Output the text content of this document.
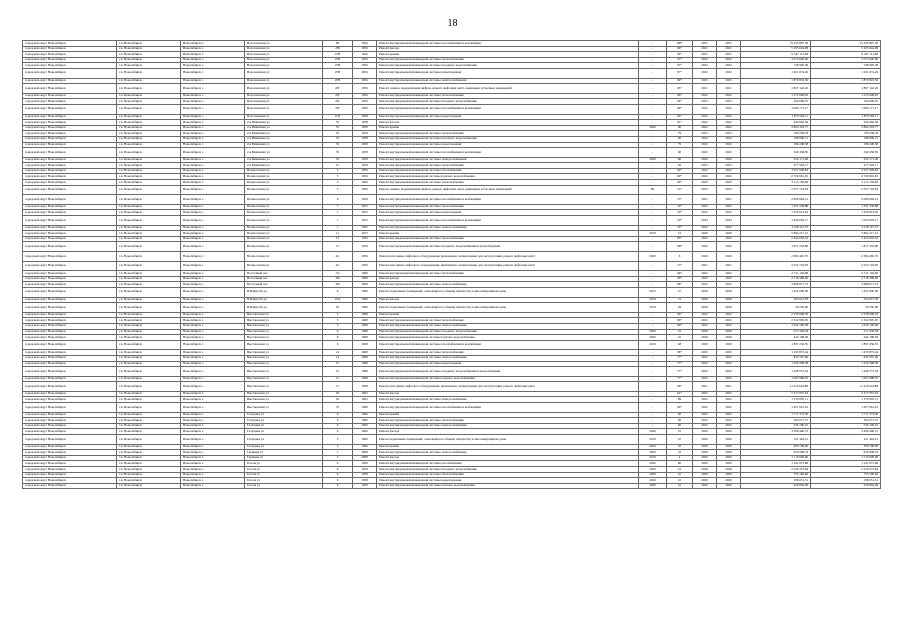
18
городской округ Новосибирск	г.п. Новосибирск	Новосибирск г.	Волочаевская ул	96	1956	Ремонт внутридомовой инженерной системы газоснабжения и вентиляции	-	160*	2021	2021	15 435 897,58	15 435 897,58
городской округ Новосибирск	г.п. Новосибирск	Новосибирск г.	Волочаевская ул	47Б	1950	Ремонт фасада	-	96*	2021	2021	5 105 044,08	5 105 044,08
городской округ Новосибирск	г.п. Новосибирск	Новосибирск г.	Волочаевская ул	47В	1956	Ремонт крыши	-	96*	2021	2021	6 347 111,98	6 347 111,98
городской округ Новосибирск	г.п. Новосибирск	Новосибирск г.	Волочаевская ул	47В	1956	Ремонт внутридомовой инженерной системы теплоснабжения	-	97*	2022	2022	3 573 640,66	3 573 640,66
городской округ Новосибирск	г.п. Новосибирск	Новосибирск г.	Волочаевская ул	47В	1956	Ремонт внутридомовой инженерной системы холодного водоснабжения	-	97*	2022	2022	748 995,38	748 995,38
городской округ Новосибирск	г.п. Новосибирск	Новосибирск г.	Волочаевская ул	47В	1956	Ремонт внутридомовой инженерной системы водоотведения	-	97*	2022	2022	1 201 674,26	1 201 674,26
городской округ Новосибирск	г.п. Новосибирск	Новосибирск г.	Волочаевская ул	47В	1956	Ремонт внутридомовой инженерной системы электроснабжения	-	99*	2023	2023	1 870 819,50	1 870 819,50
городской округ Новосибирск	г.п. Новосибирск	Новосибирск г.	Волочаевская ул	47Г	1956	Ремонт, замена, модернизация лифтов, ремонт лифтовых шахт, машинных и блочных помещений	-	95*	2021	2021	1 807 142,26	1 807 142,26
городской округ Новосибирск	г.п. Новосибирск	Новосибирск г.	Волочаевская ул	47Г	1956	Ремонт внутридомовой инженерной системы теплоснабжения	-	96*	2022	2022	1 315 608,93	1 315 608,93
городской округ Новосибирск	г.п. Новосибирск	Новосибирск г.	Волочаевская ул	47Г	1956	Ремонт внутридомовой инженерной системы холодного водоснабжения	-	96*	2022	2022	344 699,55	344 699,55
городской округ Новосибирск	г.п. Новосибирск	Новосибирск г.	Волочаевская ул	47Г	1956	Ремонт внутридомовой инженерной системы газоснабжения и вентиляции	-	99*	2022	2022	1 990 171,17	1 990 171,17
городской округ Новосибирск	г.п. Новосибирск	Новосибирск г.	Волочаевская ул	47Д	1958	Ремонт внутридомовой инженерной системы водоотведения	-	95*	2022	2022	1 879 565,11	1 879 565,11
городской округ Новосибирск	г.п. Новосибирск	Новосибирск г.	2-я Вишневая ул	55	1958	Ремонт фасада	-	91*	2022	2022	434 992,36	434 992,36
городской округ Новосибирск	г.п. Новосибирск	Новосибирск г.	2-я Вишневая ул	55	1958	Ремонт крыши	2020	60	2022	2022	2 864 318,77	2 864 318,77
городской округ Новосибирск	г.п. Новосибирск	Новосибирск г.	2-я Вишневая ул	55	1958	Ремонт внутридомовой инженерной системы теплоснабжения	-	79	2022	2022	708 258,78	708 258,78
городской округ Новосибирск	г.п. Новосибирск	Новосибирск г.	2-я Вишневая ул	55	1958	Ремонт внутридомовой инженерной системы холодного водоснабжения	-	60	2022	2022	198 696,71	198 696,71
городской округ Новосибирск	г.п. Новосибирск	Новосибирск г.	2-я Вишневая ул	55	1958	Ремонт внутридомовой инженерной системы водоотведения	-	79	2022	2022	186 248,38	186 248,38
городской округ Новосибирск	г.п. Новосибирск	Новосибирск г.	2-я Вишневая ул	55	1958	Ремонт внутридомовой инженерной системы газоснабжения и вентиляции	-	60	2022	2022	340 458,85	340 458,85
городской округ Новосибирск	г.п. Новосибирск	Новосибирск г.	2-я Вишневая ул	55	1958	Ремонт внутридомовой инженерной системы электроснабжения	2020	60	2020	2020	254 171,49	254 171,49
городской округ Новосибирск	г.п. Новосибирск	Новосибирск г.	2-я Вишневая ул	27	1958	Ремонт внутридомовой инженерной системы теплоснабжения	-	65	2022	2022	277 592,17	277 592,17
городской округ Новосибирск	г.п. Новосибирск	Новосибирск г.	Вознесенская ул	3	1956	Ремонт внутридомовой инженерной системы газоснабжения	-	60*	2022	2022	3 911 900,84	3 911 900,84
городской округ Новосибирск	г.п. Новосибирск	Новосибирск г.	Вознесенская ул	3	1956	Ремонт внутридомовой инженерной системы горячего водоснабжения	-	60*	2022	2022	6 769 991,65	6 769 991,65
городской округ Новосибирск	г.п. Новосибирск	Новосибирск г.	Вознесенская ул	3	1956	Ремонт внутридомовой инженерной системы теплоснабжения	-	60*	2022	2022	3 115 159,98	3 115 159,98
городской округ Новосибирск	г.п. Новосибирск	Новосибирск г.	Вознесенская ул	5	1956	Ремонт, замена, модернизация лифтов, ремонт лифтовых шахт, машинных и блочных помещений	Не	15*	2022	2022	2 357 724,93	2 357 724,93
городской округ Новосибирск	г.п. Новосибирск	Новосибирск г.	Вознесенская ул	6	1956	Ремонт внутридомовой инженерной системы газоснабжения и вентиляции	-	15*	2021	2021	2 068 904,12	2 068 904,12
городской округ Новосибирск	г.п. Новосибирск	Новосибирск г.	Вознесенская ул	7	1952	Ремонт внутридомовой инженерной системы теплоснабжения	-	79*	2022	2022	1 351 558,88	1 351 558,88
городской округ Новосибирск	г.п. Новосибирск	Новосибирск г.	Вознесенская ул	7	1952	Ремонт внутридомовой инженерной системы водоотведения	-	79*	2022	2022	1 359 914,95	1 359 914,95
городской округ Новосибирск	г.п. Новосибирск	Новосибирск г.	Вознесенская ул	7	1952	Ремонт внутридомовой инженерной системы газоснабжения и вентиляции	-	79*	2023	2023	1 634 005,17	1 634 005,17
городской округ Новосибирск	г.п. Новосибирск	Новосибирск г.	Вознесенская ул	7	1952	Ремонт внутридомовой инженерной системы электроснабжения	-	79*	2022	2022	3 128 115,75	3 128 115,75
городской округ Новосибирск	г.п. Новосибирск	Новосибирск г.	Вознесенская ул	11	1973	Ремонт крыши	2019	15	2020	2020	5 894 217,21	5 894 217,21
городской округ Новосибирск	г.п. Новосибирск	Новосибирск г.	Вознесенская ул	15	1956	Ремонт внутридомовой инженерной системы теплоснабжения	-	85*	2022	2022	2 454 045,52	2 454 045,52
городской округ Новосибирск	г.п. Новосибирск	Новосибирск г.	Вознесенская ул	15	1956	Ремонт внутридомовой инженерной системы холодного водоснабжения и водоотведения	-	100*	2022	2022	1 817 253,80	1 817 253,80
городской округ Новосибирск	г.п. Новосибирск	Новосибирск г.	Вознесенская ул	4/1	1956	Ремонт или замена лифтового оборудования, признанного непригодным для эксплуатации, ремонт лифтовых шахт	2020	6	2020	2020	2 384 465,70	2 384 465,70
городской округ Новосибирск	г.п. Новосибирск	Новосибирск г.	Вознесенская ул	4/1	1956	Ремонт или замена лифтового оборудования, признанного непригодным для эксплуатации, ремонт лифтовых шахт	-	15*	2021	2021	2 252 724,95	2 252 724,95
городской округ Новосибирск	г.п. Новосибирск	Новосибирск г.	Восточный пос	17а	1968	Ремонт внутридомовой инженерной системы теплоснабжения	-	96*	2022	2022	2 711 102,08	2 711 102,08
городской округ Новосибирск	г.п. Новосибирск	Новосибирск г.	Восточный пос	18а	1968	Ремонт фасада	-	96*	2022	2022	2 718 368,00	2 718 368,00
городской округ Новосибирск	г.п. Новосибирск	Новосибирск г.	Восточный пос	18а	1968	Ремонт внутридомовой инженерной системы электроснабжения	-	96*	2022	2022	3 688 671,73	3 688 671,73
городской округ Новосибирск	г.п. Новосибирск	Новосибирск г.	Н.Ванцетти ул	8	1960	Ремонт подвальных помещений, относящихся к общему имуществу в многоквартирном доме	2015	47	2020	2020	1 422 000,00	1 422 000,00
городской округ Новосибирск	г.п. Новосибирск	Новосибирск г.	Н.Ванцетти ул	10/4	1960	Ремонт фасада	2019	31	2020	2020	504 013,78	504 013,78
городской округ Новосибирск	г.п. Новосибирск	Новосибирск г.	Н.Ванцетти ул	20	1960	Ремонт подвальных помещений, относящихся к общему имуществу в многоквартирном доме	2019	29	2020	2020	59 250,00	59 250,00
городской округ Новосибирск	г.п. Новосибирск	Новосибирск г.	Выставочная ул	5	1968	Ремонт крыши	-	96*	2022	2022	2 258 668,18	2 258 668,18
городской округ Новосибирск	г.п. Новосибирск	Новосибирск г.	Выставочная ул	5	1968	Ремонт внутридомовой инженерной системы теплоснабжения	-	96*	2022	2022	2 322 895,95	2 322 895,95
городской округ Новосибирск	г.п. Новосибирск	Новосибирск г.	Выставочная ул	5	1968	Ремонт внутридомовой инженерной системы электроснабжения	-	96*	2022	2022	1 020 100,48	1 020 100,48
городской округ Новосибирск	г.п. Новосибирск	Новосибирск г.	Выставочная ул	6	1968	Ремонт внутридомовой инженерной системы холодного водоснабжения	2020	10	2020	2020	517 458,04	517 458,04
городской округ Новосибирск	г.п. Новосибирск	Новосибирск г.	Выставочная ул	6	1968	Ремонт внутридомовой инженерной системы горячего водоснабжения	2020	10	2020	2020	442 198,49	442 198,49
городской округ Новосибирск	г.п. Новосибирск	Новосибирск г.	Выставочная ул	6	1968	Ремонт внутридомовой инженерной системы газоснабжения и вентиляции	2019	48	2020	2020	1 897 236,55	1 897 236,55
городской округ Новосибирск	г.п. Новосибирск	Новосибирск г.	Выставочная ул	12	1968	Ремонт внутридомовой инженерной системы теплоснабжения	-	96*	2022	2022	1 233 873,44	1 233 873,44
городской округ Новосибирск	г.п. Новосибирск	Новосибирск г.	Выставочная ул	12	1968	Ремонт внутридомовой инженерной системы электроснабжения	-	77*	2022	2022	832 567,66	832 567,66
городской округ Новосибирск	г.п. Новосибирск	Новосибирск г.	Выставочная ул	15	1968	Ремонт внутридомовой инженерной системы водоотведения	-	77*	2022	2022	1 259 308,58	1 259 308,58
городской округ Новосибирск	г.п. Новосибирск	Новосибирск г.	Выставочная ул	15	1968	Ремонт внутридомовой инженерной системы холодного водоснабжения и водоотведения	-	77*	2022	2022	1 448 573,54	1 448 573,54
городской округ Новосибирск	г.п. Новосибирск	Новосибирск г.	Выставочная ул	15	1968	Ремонт внутридомовой инженерной системы горячего водоснабжения	-	77*	2022	2022	1 097 908,55	1 097 908,55
городской округ Новосибирск	г.п. Новосибирск	Новосибирск г.	Выставочная ул	17	1968	Ремонт или замена лифтового оборудования, признанного непригодным для эксплуатации, ремонт лифтовых шахт	-	96*	2021	2021	11 419 624,88	11 419 624,88
городской округ Новосибирск	г.п. Новосибирск	Новосибирск г.	Выставочная ул	20	1962	Ремонт фасада	-	91*	2022	2022	5 317 957,63	5 317 957,63
городской округ Новосибирск	г.п. Новосибирск	Новосибирск г.	Выставочная ул	20	1962	Ремонт внутридомовой инженерной системы электроснабжения	-	89	2022	2022	1 570 087,11	1 570 087,11
городской округ Новосибирск	г.п. Новосибирск	Новосибирск г.	Выставочная ул	37	1968	Ремонт внутридомовой инженерной системы газоснабжения и вентиляции	-	96*	2022	2022	1 457 061,01	1 457 061,01
городской округ Новосибирск	г.п. Новосибирск	Новосибирск г.	Галущака ул	9	1960	Ремонт крыши	-	60	2022	2022	1 717 373,00	1 717 373,00
городской округ Новосибирск	г.п. Новосибирск	Новосибирск г.	Галущака ул	9	1960	Ремонт внутридомовой инженерной системы теплоснабжения	-	60	2022	2022	304 671,75	304 671,75
городской округ Новосибирск	г.п. Новосибирск	Новосибирск г.	Галущака ул	9	1960	Ремонт внутридомовой инженерной системы электроснабжения	-	60	2022	2022	536 190,01	536 190,01
городской округ Новосибирск	г.п. Новосибирск	Новосибирск г.	Галущака ул	9	1960	Ремонт фасада	2020	10	2020	2020	3 308 460,72	3 308 460,72
городской округ Новосибирск	г.п. Новосибирск	Новосибирск г.	Галущака ул	5	1960	Ремонт подвальных помещений, относящихся к общему имуществу в многоквартирном доме	2019	47	2020	2020	121 463,21	121 463,21
городской округ Новосибирск	г.п. Новосибирск	Новосибирск г.	Галущака ул	5	1960	Ремонт крыши	2020	10	2020	2020	300 708,00	300 708,00
городской округ Новосибирск	г.п. Новосибирск	Новосибирск г.	Гаршина ул	7	2008	Ремонт внутридомовой инженерной системы электроснабжения	2020	10	2020	2020	630 908,53	630 908,53
городской округ Новосибирск	г.п. Новосибирск	Новосибирск г.	Гаршина ул	7	2008	Ремонт фасада	2019	2	2020	2020	1 710 000,00	1 710 000,00
городской округ Новосибирск	г.п. Новосибирск	Новосибирск г.	Гоголя ул	9	1958	Ремонт внутридомовой инженерной системы газоснабжения	2020	60	2020	2020	1 341 873,68	1 341 873,68
городской округ Новосибирск	г.п. Новосибирск	Новосибирск г.	Гоголя ул	9	1958	Ремонт внутридомовой инженерной системы холодного водоснабжения	2020	10	2020	2020	2 230 373,84	2 230 373,84
городской округ Новосибирск	г.п. Новосибирск	Новосибирск г.	Гоголя ул	9	1958	Ремонт внутридомовой инженерной системы теплоснабжения	2020	10	2020	2020	755 106,60	755 106,60
городской округ Новосибирск	г.п. Новосибирск	Новосибирск г.	Гоголя ул	9	1958	Ремонт внутридомовой инженерной системы водоотведения	2020	10	2020	2020	198 651,51	198 651,51
городской округ Новосибирск	г.п. Новосибирск	Новосибирск г.	Гоголя ул	9	1958	Ремонт внутридомовой инженерной системы горячего водоснабжения	2020	10	2020	2020	229 064,09	229 064,09
